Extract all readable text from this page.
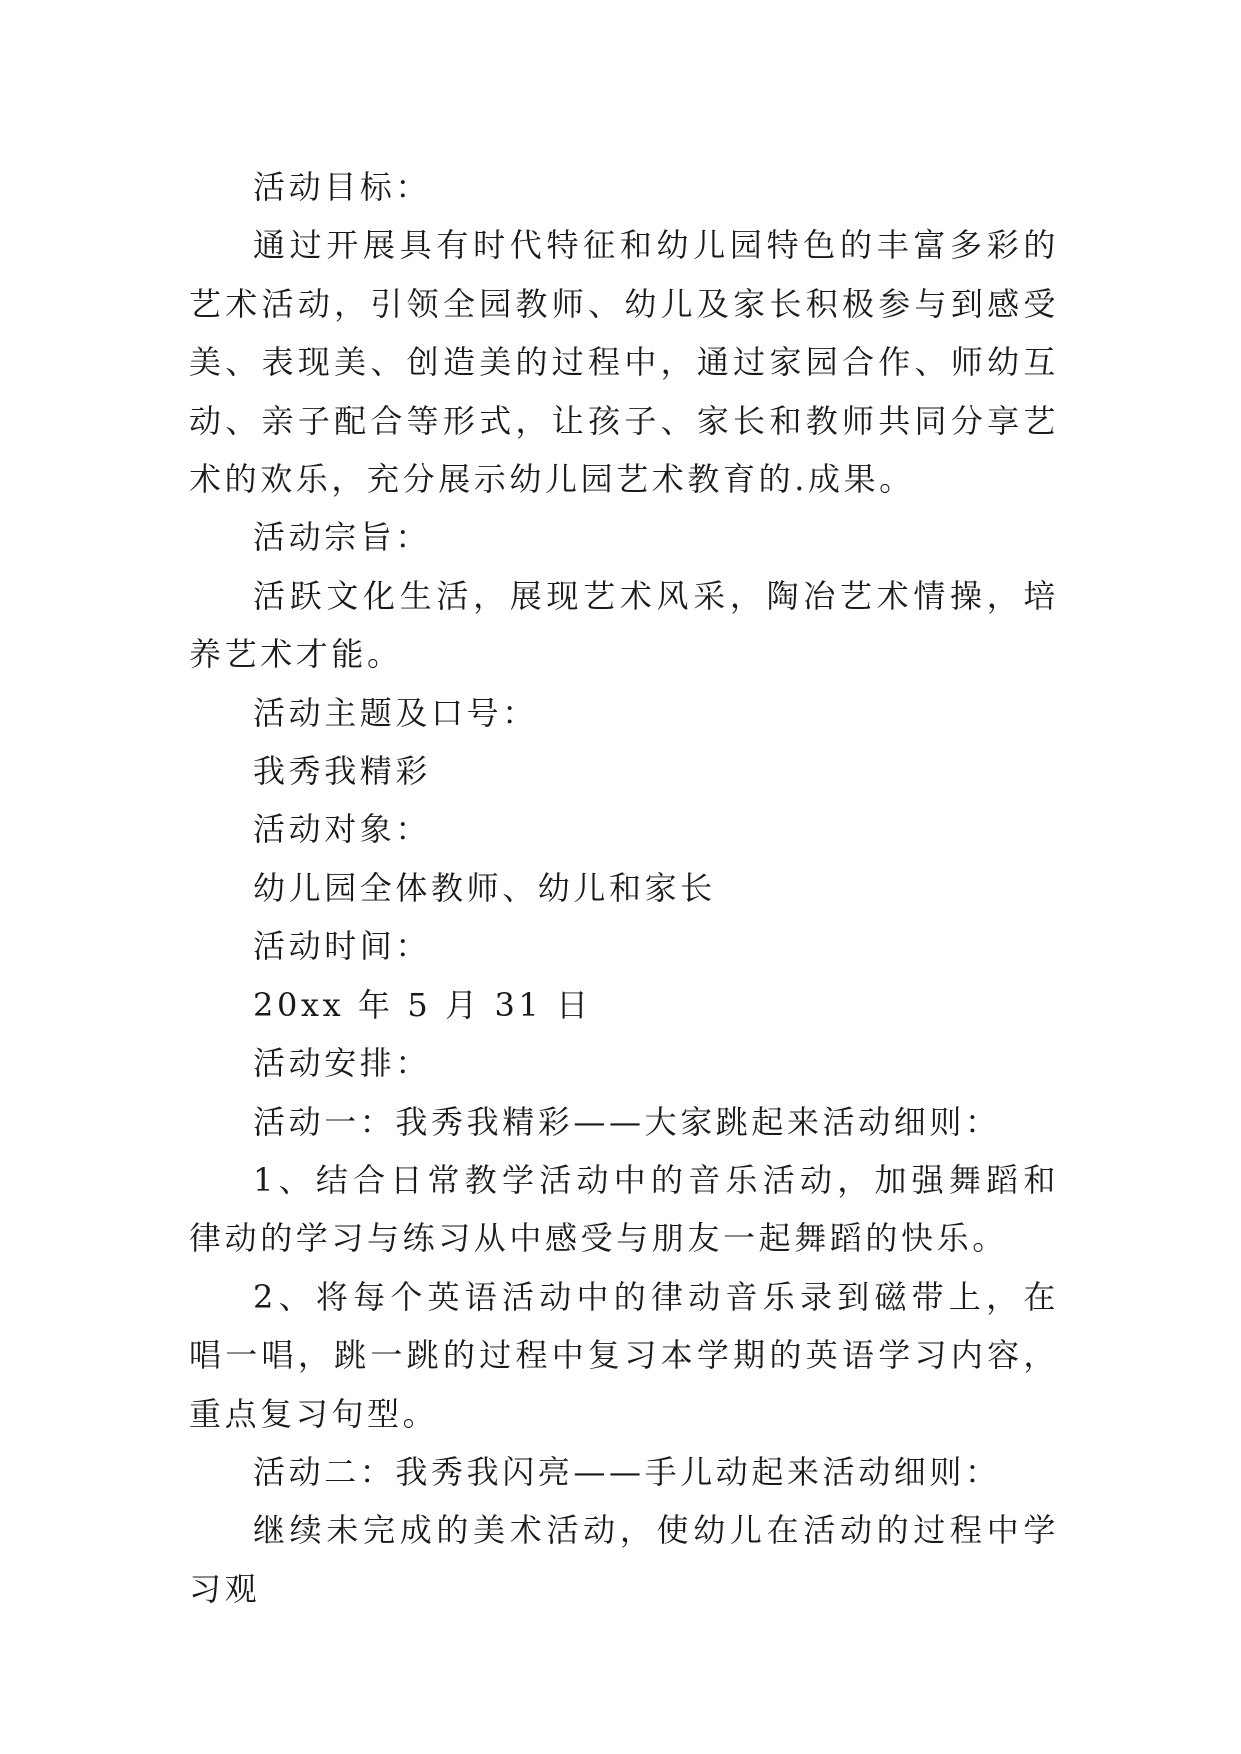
活动目标：

通过开展具有时代特征和幼儿园特色的丰富多彩的艺术活动，引领全园教师、幼儿及家长积极参与到感受美、表现美、创造美的过程中，通过家园合作、师幼互动、亲子配合等形式，让孩子、家长和教师共同分享艺术的欢乐，充分展示幼儿园艺术教育的.成果。

活动宗旨：

活跃文化生活，展现艺术风采，陶冶艺术情操，培养艺术才能。

活动主题及口号：

我秀我精彩

活动对象：

幼儿园全体教师、幼儿和家长

活动时间：

20xx 年 5 月 31 日

活动安排：

活动一：我秀我精彩——大家跳起来活动细则：

1、结合日常教学活动中的音乐活动，加强舞蹈和律动的学习与练习从中感受与朋友一起舞蹈的快乐。

2、将每个英语活动中的律动音乐录到磁带上，在唱一唱，跳一跳的过程中复习本学期的英语学习内容，重点复习句型。

活动二：我秀我闪亮——手儿动起来活动细则：

继续未完成的美术活动，使幼儿在活动的过程中学习观
